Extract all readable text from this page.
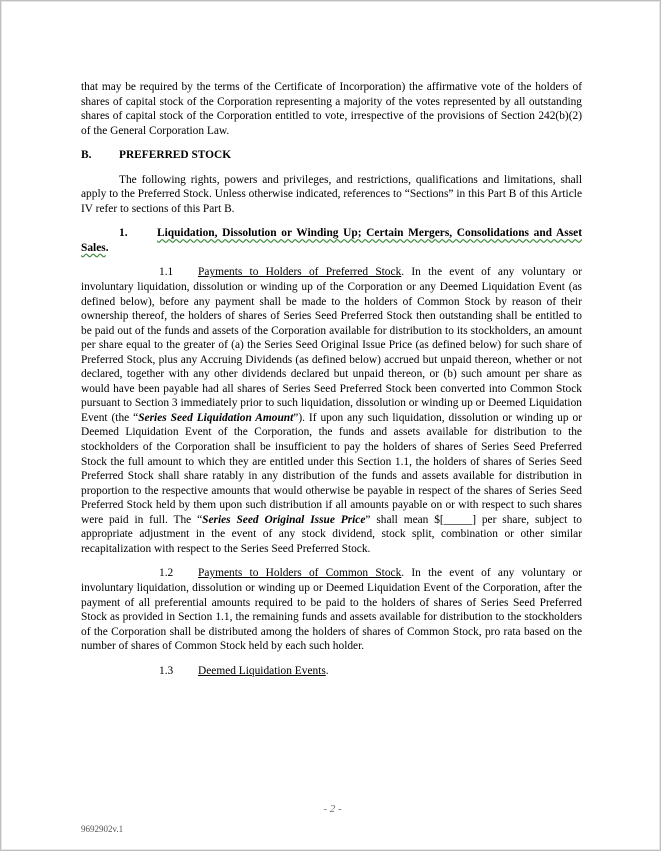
that may be required by the terms of the Certificate of Incorporation) the affirmative vote of the holders of shares of capital stock of the Corporation representing a majority of the votes represented by all outstanding shares of capital stock of the Corporation entitled to vote, irrespective of the provisions of Section 242(b)(2) of the General Corporation Law.

B. PREFERRED STOCK

The following rights, powers and privileges, and restrictions, qualifications and limitations, shall apply to the Preferred Stock. Unless otherwise indicated, references to “Sections” in this Part B of this Article IV refer to sections of this Part B.

1.	Liquidation, Dissolution or Winding Up; Certain Mergers, Consolidations and Asset Sales.

1.1 Payments to Holders of Preferred Stock. In the event of any voluntary or involuntary liquidation, dissolution or winding up of the Corporation or any Deemed Liquidation Event (as defined below), before any payment shall be made to the holders of Common Stock by reason of their ownership thereof, the holders of shares of Series Seed Preferred Stock then outstanding shall be entitled to be paid out of the funds and assets of the Corporation available for distribution to its stockholders, an amount per share equal to the greater of (a) the Series Seed Original Issue Price (as defined below) for such share of Preferred Stock, plus any Accruing Dividends (as defined below) accrued but unpaid thereon, whether or not declared, together with any other dividends declared but unpaid thereon, or (b) such amount per share as would have been payable had all shares of Series Seed Preferred Stock been converted into Common Stock pursuant to Section 3 immediately prior to such liquidation, dissolution or winding up or Deemed Liquidation Event (the “Series Seed Liquidation Amount”). If upon any such liquidation, dissolution or winding up or Deemed Liquidation Event of the Corporation, the funds and assets available for distribution to the stockholders of the Corporation shall be insufficient to pay the holders of shares of Series Seed Preferred Stock the full amount to which they are entitled under this Section 1.1, the holders of shares of Series Seed Preferred Stock shall share ratably in any distribution of the funds and assets available for distribution in proportion to the respective amounts that would otherwise be payable in respect of the shares of Series Seed Preferred Stock held by them upon such distribution if all amounts payable on or with respect to such shares were paid in full. The “Series Seed Original Issue Price” shall mean $[_____] per share, subject to appropriate adjustment in the event of any stock dividend, stock split, combination or other similar recapitalization with respect to the Series Seed Preferred Stock.

1.2 Payments to Holders of Common Stock. In the event of any voluntary or involuntary liquidation, dissolution or winding up or Deemed Liquidation Event of the Corporation, after the payment of all preferential amounts required to be paid to the holders of shares of Series Seed Preferred Stock as provided in Section 1.1, the remaining funds and assets available for distribution to the stockholders of the Corporation shall be distributed among the holders of shares of Common Stock, pro rata based on the number of shares of Common Stock held by each such holder.

1.3 Deemed Liquidation Events.

- 2 -
9692902v.1
